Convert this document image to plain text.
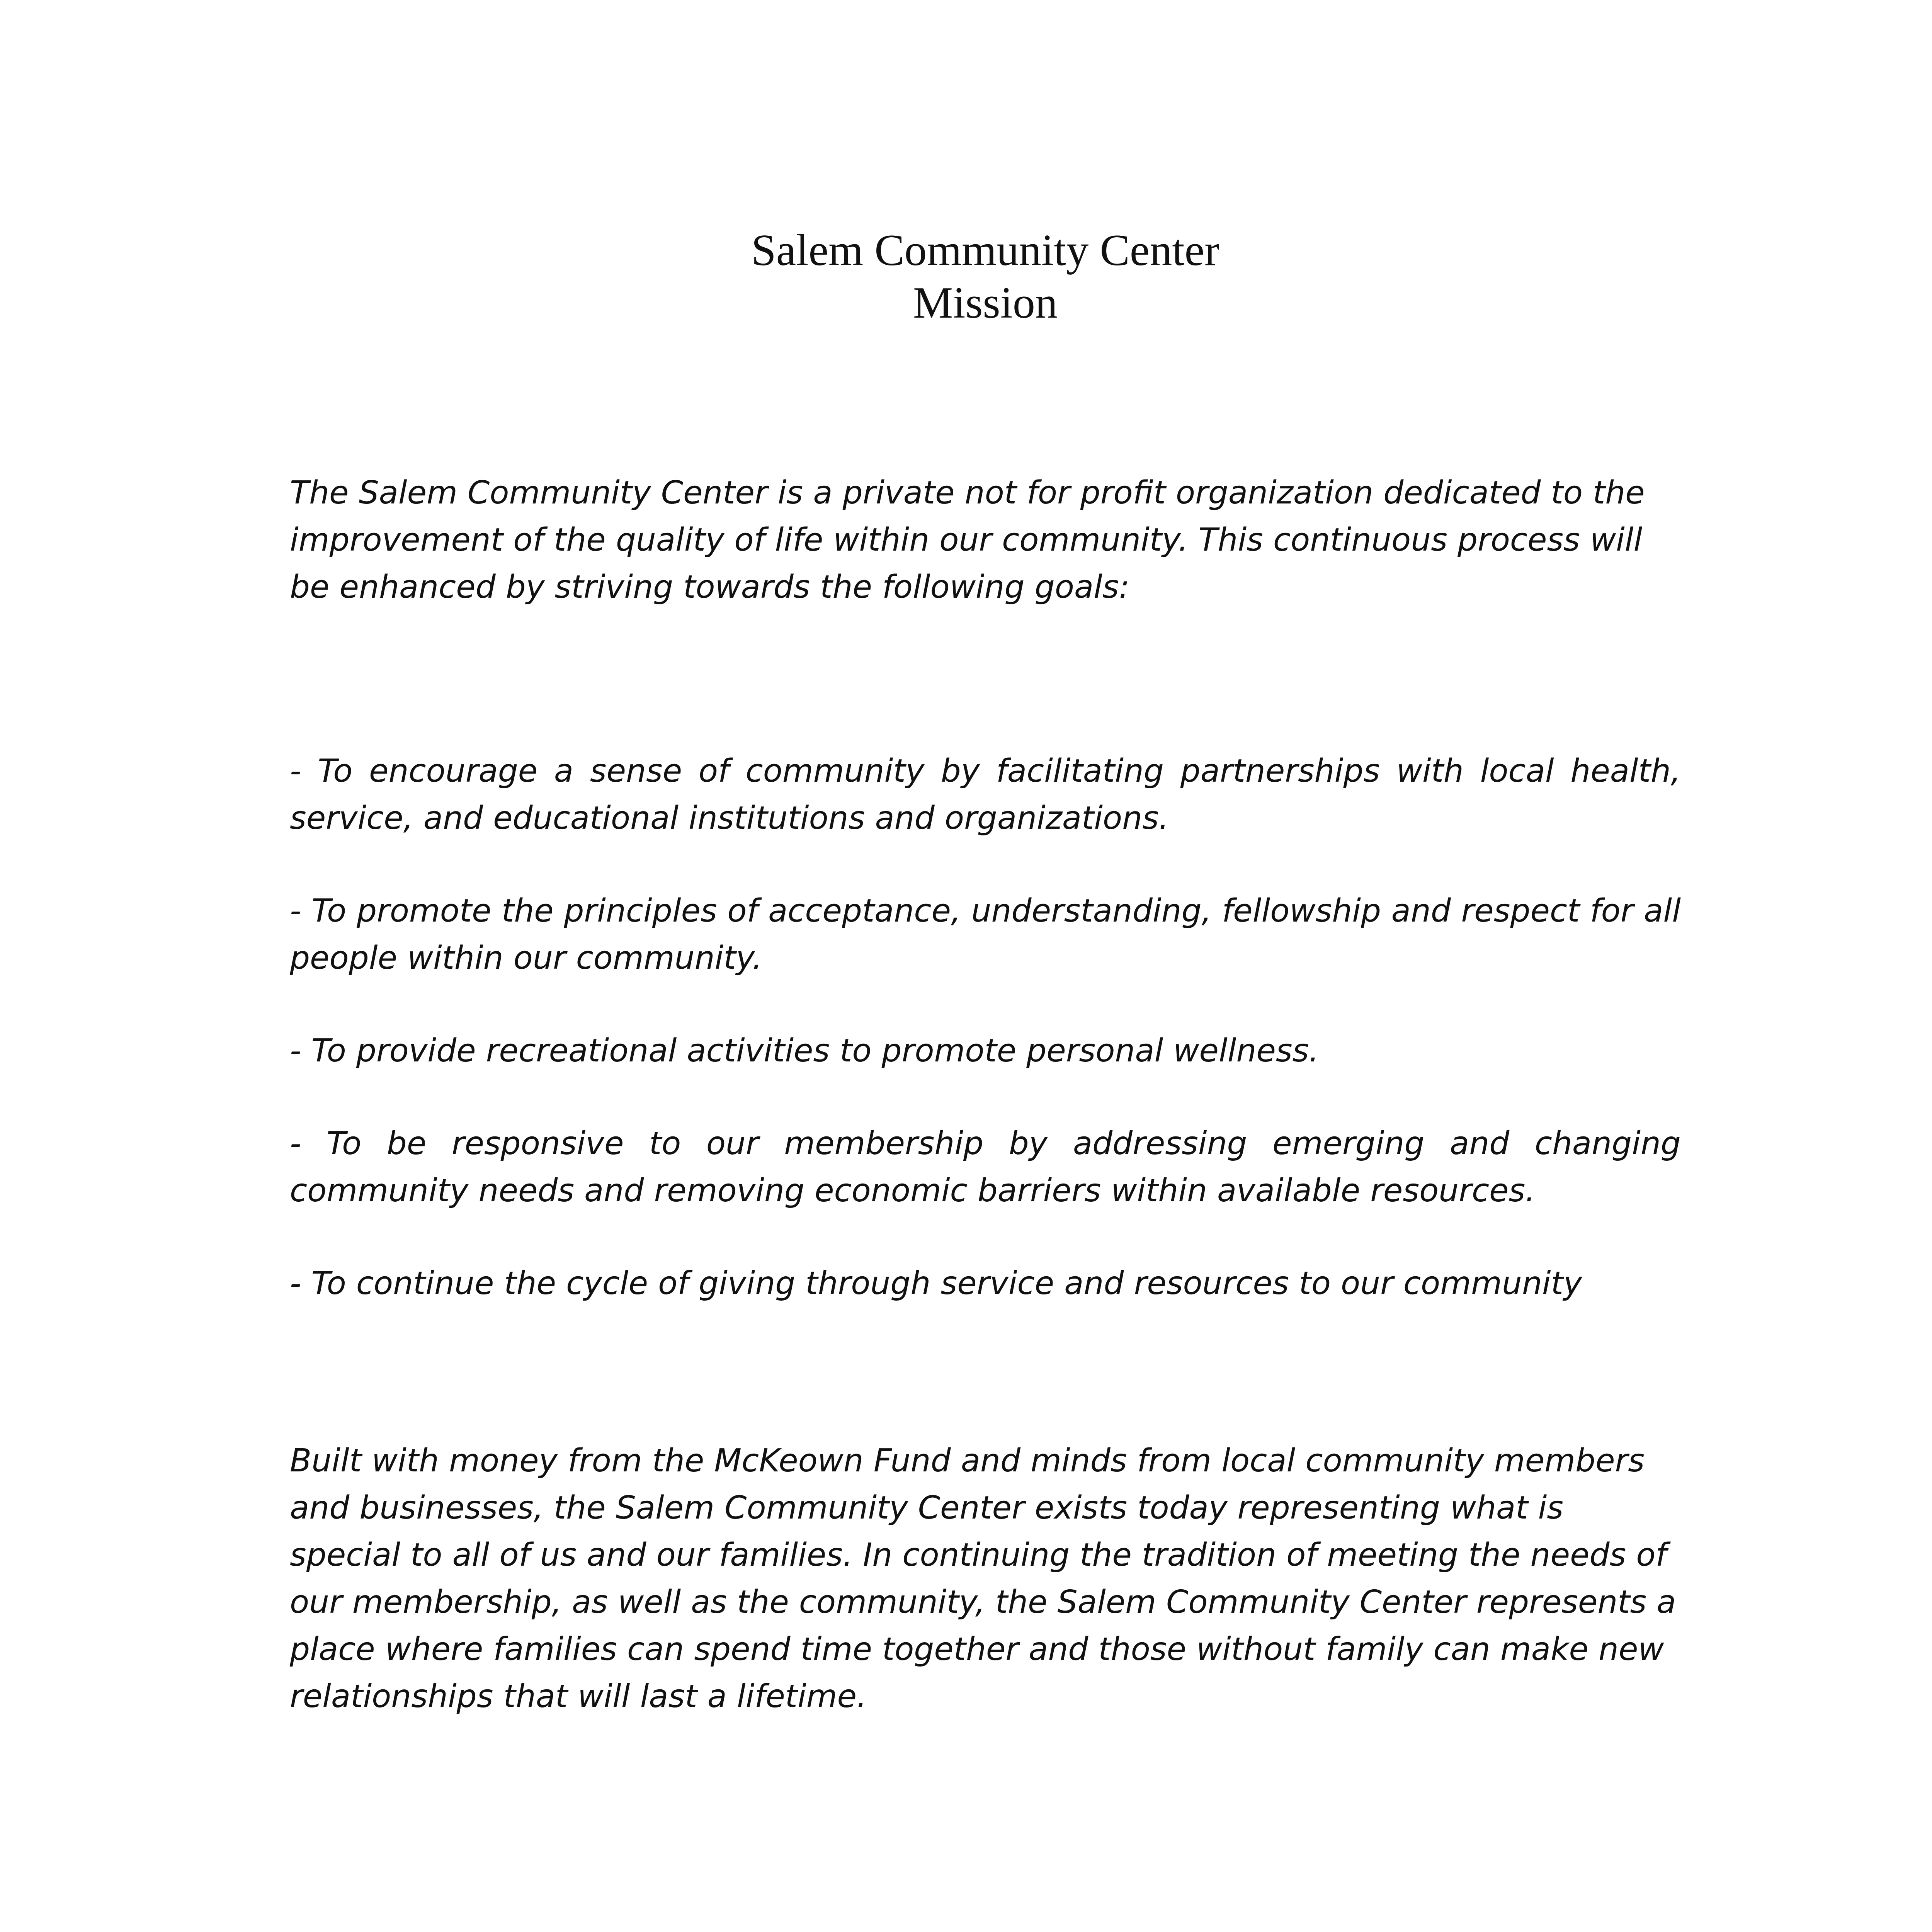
Salem Community Center
Mission

The Salem Community Center is a private not for profit organization dedicated to the improvement of the quality of life within our community. This continuous process will be enhanced by striving towards the following goals:

- To encourage a sense of community by facilitating partnerships with local health, service, and educational institutions and organizations.
- To promote the principles of acceptance, understanding, fellowship and respect for all people within our community.
- To provide recreational activities to promote personal wellness.
- To be responsive to our membership by addressing emerging and changing community needs and removing economic barriers within available resources.
- To continue the cycle of giving through service and resources to our community

Built with money from the McKeown Fund and minds from local community members and businesses, the Salem Community Center exists today representing what is special to all of us and our families. In continuing the tradition of meeting the needs of our membership, as well as the community, the Salem Community Center represents a place where families can spend time together and those without family can make new relationships that will last a lifetime.
